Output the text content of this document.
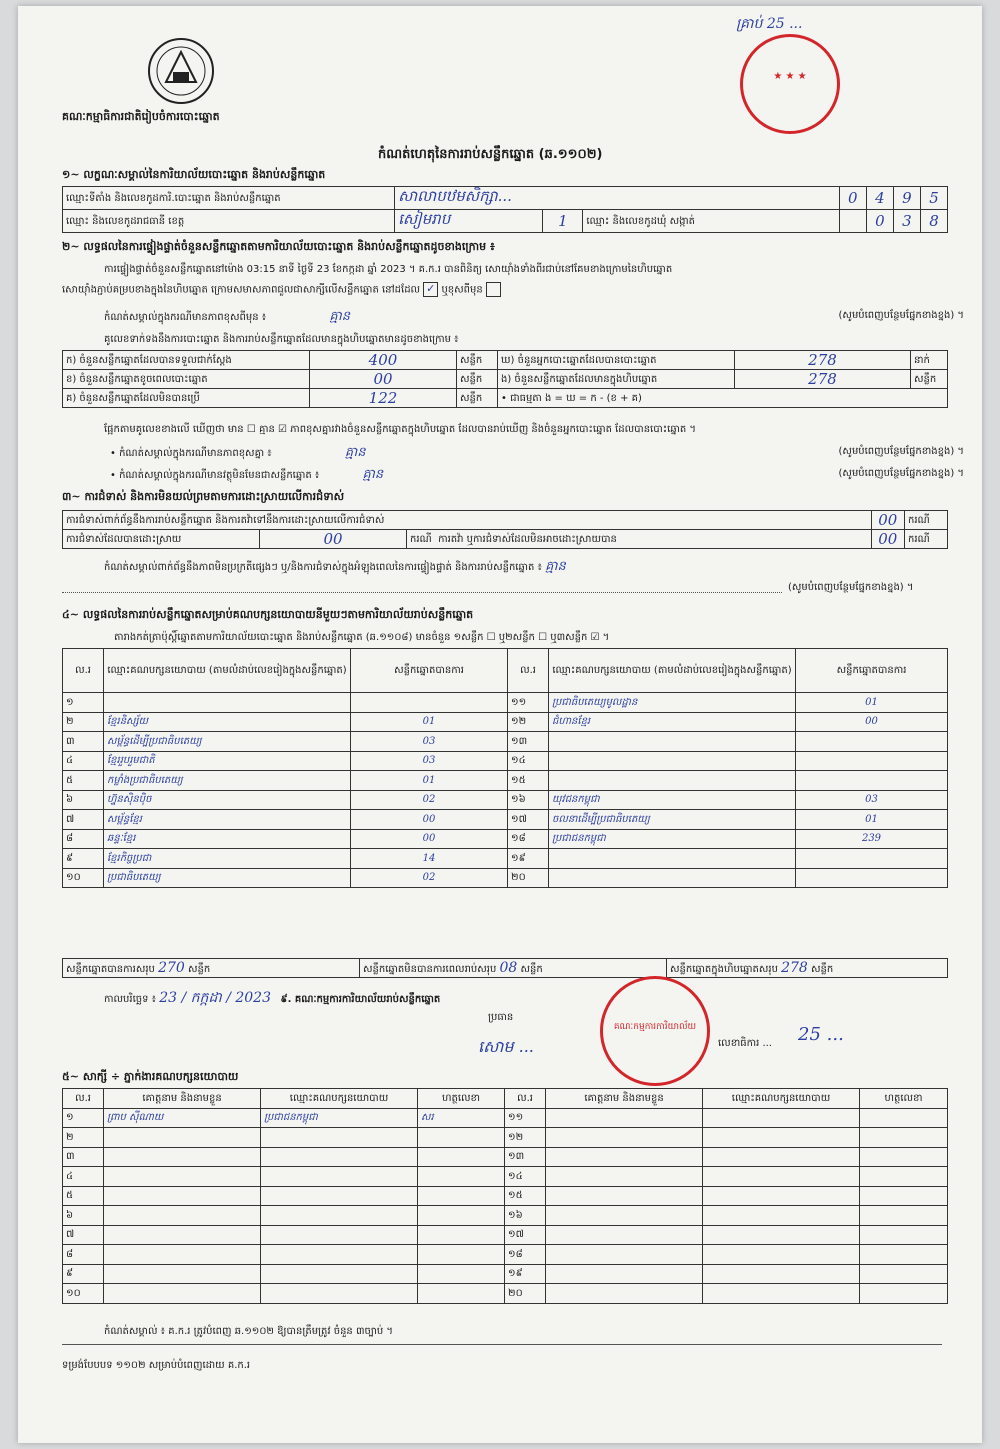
គណៈកម្មាធិការជាតិរៀបចំការបោះឆ្នោត
★ ★ ★
គ្រាប់ 25 ...
កំណត់ហេតុនៃការរាប់សន្លឹកឆ្នោត (ឆ.១១០២)
១~ លក្ខណៈសម្គាល់នៃការិយាល័យបោះឆ្នោត និងរាប់សន្លឹកឆ្នោត
ឈ្មោះទីតាំង និងលេខកូដការិ.បោះឆ្នោត និងរាប់សន្លឹកឆ្នោត	សាលាបឋមសិក្សា...			0	4	9	5
ឈ្មោះ និងលេខកូដរាជធានី ខេត្ត	សៀមរាប	1	ឈ្មោះ និងលេខកូដឃុំ សង្កាត់		0	3	8
២~ លទ្ធផលនៃការផ្ទៀងផ្ទាត់ចំនួនសន្លឹកឆ្នោតតាមការិយាល័យបោះឆ្នោត និងរាប់សន្លឹកឆ្នោតដូចខាងក្រោម ៖
ការផ្ទៀងផ្ទាត់ចំនួនសន្លឹកឆ្នោតនៅម៉ោង 03:15 នាទី ថ្ងៃទី 23 ខែកក្កដា ឆ្នាំ 2023 ។ គ.ក.រ បានពិនិត្យ សោយ៉ាំងទាំងពីរជាប់នៅគែមខាងក្រោមនៃហិបឆ្នោត
សោយ៉ាំងភ្ជាប់គម្របខាងក្នុងនៃហិបឆ្នោត ក្រោមសមាសភាពជួលជាសាក្សីលើសន្លឹកឆ្នោត នៅដដែល ✓ ឬខុសពីមុន
កំណត់សម្គាល់ក្នុងករណីមានភាពខុសពីមុន ៖	គ្មាន	(សូមបំពេញបន្ថែមផ្នែកខាងខ្នង) ។
គូលេខទាក់ទងនឹងការបោះឆ្នោត និងការរាប់សន្លឹកឆ្នោតដែលមានក្នុងហិបឆ្នោតមានដូចខាងក្រោម ៖
ក) ចំនួនសន្លឹកឆ្នោតដែលបានទទួលជាក់ស្តែង	400	សន្លឹក	ឃ) ចំនួនអ្នកបោះឆ្នោតដែលបានបោះឆ្នោត	278	នាក់
ខ) ចំនួនសន្លឹកឆ្នោតខូចពេលបោះឆ្នោត	00	សន្លឹក	ង) ចំនួនសន្លឹកឆ្នោតដែលមានក្នុងហិបឆ្នោត	278	សន្លឹក
គ) ចំនួនសន្លឹកឆ្នោតដែលមិនបានប្រើ	122	សន្លឹក	• ជាធម្មតា ង = ឃ = ក - (ខ + គ)		
ផ្អែកតាមគូលេខខាងលើ ឃើញថា មាន ☐ គ្មាន ☑ ភាពខុសគ្នារវាងចំនួនសន្លឹកឆ្នោតក្នុងហិបឆ្នោត ដែលបានរាប់ឃើញ និងចំនួនអ្នកបោះឆ្នោត ដែលបានបោះឆ្នោត ។
• កំណត់សម្គាល់ក្នុងករណីមានភាពខុសគ្នា ៖	គ្មាន	(សូមបំពេញបន្ថែមផ្នែកខាងខ្នង) ។
• កំណត់សម្គាល់ក្នុងករណីមានវត្ថុមិនមែនជាសន្លឹកឆ្នោត ៖	គ្មាន	(សូមបំពេញបន្ថែមផ្នែកខាងខ្នង) ។
៣~ ការជំទាស់ និងការមិនយល់ព្រមតាមការដោះស្រាយលើការជំទាស់
ការជំទាស់ពាក់ព័ន្ធនឹងការរាប់សន្លឹកឆ្នោត និងការតវ៉ាទៅនឹងការដោះស្រាយលើការជំទាស់			00	ករណី
ការជំទាស់ដែលបានដោះស្រាយ	00	ករណី ការតវ៉ា ឬការជំទាស់ដែលមិនអាចដោះស្រាយបាន	00	ករណី
កំណត់សម្គាល់ពាក់ព័ន្ធនឹងភាពមិនប្រក្រតីផ្សេងៗ ឬ/និងការជំទាស់ក្នុងអំឡុងពេលនៃការផ្ទៀងផ្ទាត់ និងការរាប់សន្លឹកឆ្នោត ៖ គ្មាន
(សូមបំពេញបន្ថែមផ្នែកខាងខ្នង) ។
៤~ លទ្ធផលនៃការរាប់សន្លឹកឆ្នោតសម្រាប់គណបក្សនយោបាយនីមួយៗតាមការិយាល័យរាប់សន្លឹកឆ្នោត
តារាងកត់ត្រាប៉ុស្តិ៍ឆ្នោតតាមការិយាល័យបោះឆ្នោត និងរាប់សន្លឹកឆ្នោត (ឆ.១១០៨) មានចំនួន ១សន្លឹក ☐ ឬ២សន្លឹក ☐ ឬ៣សន្លឹក ☑ ។
ល.រ	ឈ្មោះគណបក្សនយោបាយ (តាមលំដាប់លេខរៀងក្នុងសន្លឹកឆ្នោត)	សន្លឹកឆ្នោតបានការ	ល.រ	ឈ្មោះគណបក្សនយោបាយ (តាមលំដាប់លេខរៀងក្នុងសន្លឹកឆ្នោត)	សន្លឹកឆ្នោតបានការ
១			១១	ប្រជាធិបតេយ្យមូលដ្ឋាន	01
២	ខ្មែរនិស្ស័យ	01	១២	ជំហានខ្មែរ	00
៣	សម្ព័ន្ធដើម្បីប្រជាធិបតេយ្យ	03	១៣		
៤	ខ្មែររួបរួមជាតិ	03	១៤		
៥	កម្លាំងប្រជាធិបតេយ្យ	01	១៥		
៦	ហ្វ៊ុនស៊ិនប៉ិច	02	១៦	យុវជនកម្ពុជា	03
៧	សម្ព័ន្ធខ្មែរ	00	១៧	ចលនាដើម្បីប្រជាធិបតេយ្យ	01
៨	ឆន្ទៈខ្មែរ	00	១៨	ប្រជាជនកម្ពុជា	239
៩	ខ្មែរកិច្ចប្រជា	14	១៩		
១០	ប្រជាធិបតេយ្យ	02	២០		
សន្លឹកឆ្នោតបានការសរុប 270 សន្លឹក	សន្លឹកឆ្នោតមិនបានការពេលរាប់សរុប 08 សន្លឹក	សន្លឹកឆ្នោតក្នុងហិបឆ្នោតសរុប 278 សន្លឹក
កាលបរិច្ឆេទ ៖ 23 / កក្កដា / 2023 ៩. គណៈកម្មការការិយាល័យរាប់សន្លឹកឆ្នោត
ប្រធាន
សោម ...
គណៈកម្មការការិយាល័យ
លេខាធិការ ... 25 ...
៥~ សាក្សី ÷ ភ្នាក់ងារគណបក្សនយោបាយ
ល.រ	គោត្តនាម និងនាមខ្លួន	ឈ្មោះគណបក្សនយោបាយ	ហត្ថលេខា	ល.រ	គោត្តនាម និងនាមខ្លួន	ឈ្មោះគណបក្សនយោបាយ	ហត្ថលេខា
១	ព្រាប សុីណាយ	ប្រជាជនកម្ពុជា	សរ	១១			
២				១២			
៣				១៣			
៤				១៤			
៥				១៥			
៦				១៦			
៧				១៧			
៨				១៨			
៩				១៩			
១០				២០			
កំណត់សម្គាល់ ៖ គ.ក.រ ត្រូវបំពេញ ឆ.១១០២ ឱ្យបានត្រឹមត្រូវ ចំនួន ៣ច្បាប់ ។
ទម្រង់បែបបទ ១១០២ សម្រាប់បំពេញដោយ គ.ក.រ
